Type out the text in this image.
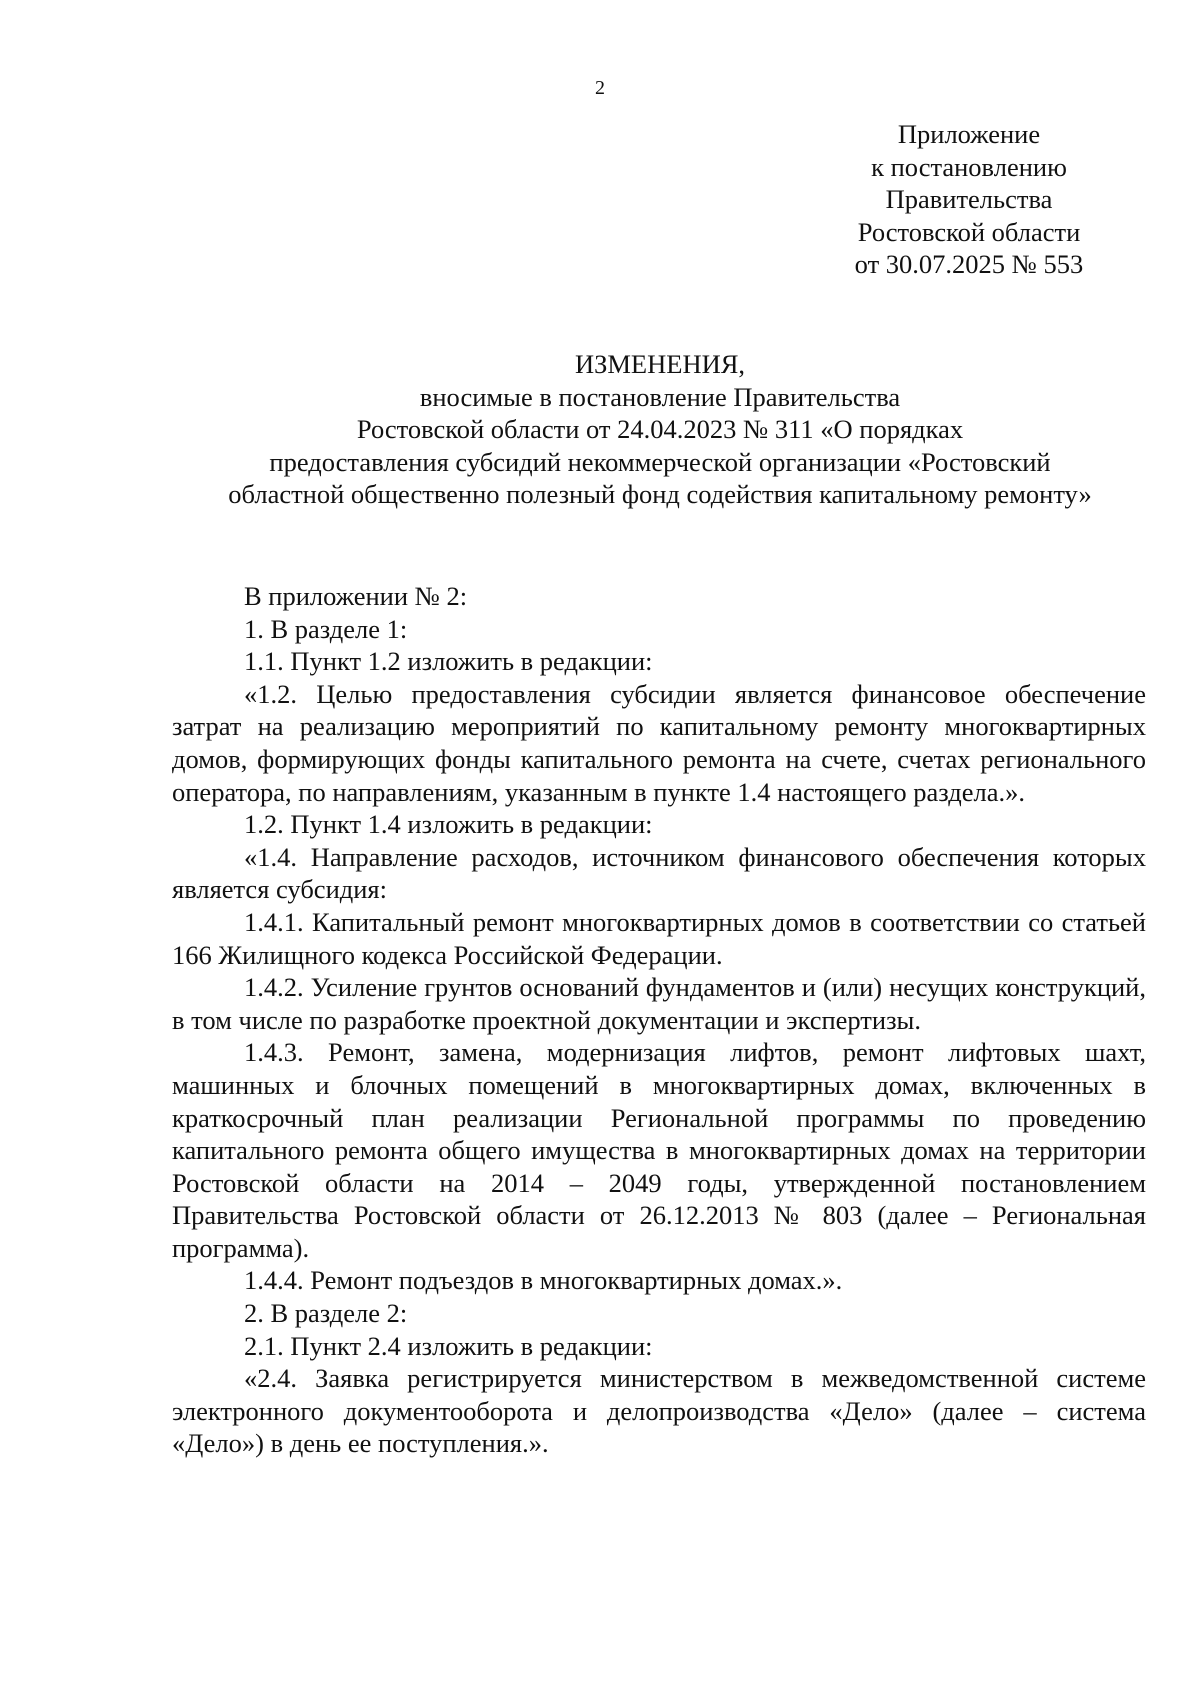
2
Приложение
к постановлению
Правительства
Ростовской области
от 30.07.2025 № 553
ИЗМЕНЕНИЯ,
вносимые в постановление Правительства
Ростовской области от 24.04.2023 № 311 «О порядках
предоставления субсидий некоммерческой организации «Ростовский
областной общественно полезный фонд содействия капитальному ремонту»

В приложении № 2:

1. В разделе 1:

1.1. Пункт 1.2 изложить в редакции:

«1.2. Целью предоставления субсидии является финансовое обеспечение затрат на реализацию мероприятий по капитальному ремонту многоквартирных домов, формирующих фонды капитального ремонта на счете, счетах регионального оператора, по направлениям, указанным в пункте 1.4 настоящего раздела.».

1.2. Пункт 1.4 изложить в редакции:

«1.4. Направление расходов, источником финансового обеспечения которых является субсидия:

1.4.1. Капитальный ремонт многоквартирных домов в соответствии со статьей 166 Жилищного кодекса Российской Федерации.

1.4.2. Усиление грунтов оснований фундаментов и (или) несущих конструкций, в том числе по разработке проектной документации и экспертизы.

1.4.3. Ремонт, замена, модернизация лифтов, ремонт лифтовых шахт, машинных и блочных помещений в многоквартирных домах, включенных в краткосрочный план реализации Региональной программы по проведению капитального ремонта общего имущества в многоквартирных домах на территории Ростовской области на 2014 – 2049 годы, утвержденной постановлением Правительства Ростовской области от 26.12.2013 № 803 (далее – Региональная программа).

1.4.4. Ремонт подъездов в многоквартирных домах.».

2. В разделе 2:

2.1. Пункт 2.4 изложить в редакции:

«2.4. Заявка регистрируется министерством в межведомственной системе электронного документооборота и делопроизводства «Дело» (далее – система «Дело») в день ее поступления.».
